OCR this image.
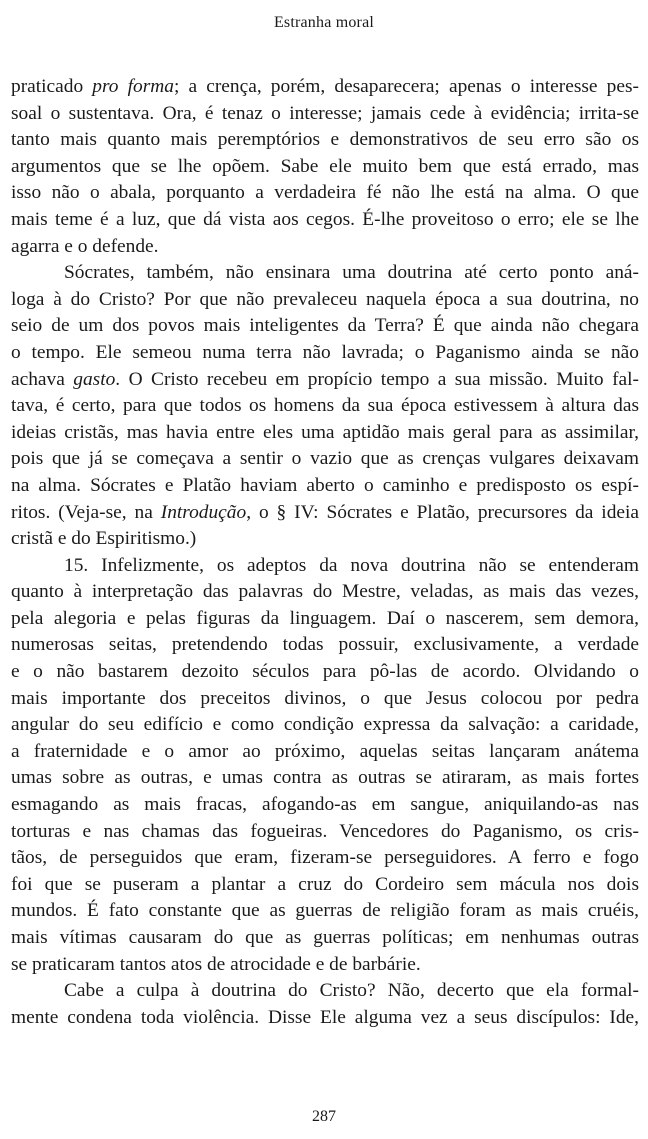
Estranha moral
praticado pro forma; a crença, porém, desaparecera; apenas o interesse pes-
soal o sustentava. Ora, é tenaz o interesse; jamais cede à evidência; irrita-se
tanto mais quanto mais peremptórios e demonstrativos de seu erro são os
argumentos que se lhe opõem. Sabe ele muito bem que está errado, mas
isso não o abala, porquanto a verdadeira fé não lhe está na alma. O que
mais teme é a luz, que dá vista aos cegos. É-lhe proveitoso o erro; ele se lhe
agarra e o defende.
Sócrates, também, não ensinara uma doutrina até certo ponto aná-
loga à do Cristo? Por que não prevaleceu naquela época a sua doutrina, no
seio de um dos povos mais inteligentes da Terra? É que ainda não chegara
o tempo. Ele semeou numa terra não lavrada; o Paganismo ainda se não
achava gasto. O Cristo recebeu em propício tempo a sua missão. Muito fal-
tava, é certo, para que todos os homens da sua época estivessem à altura das
ideias cristãs, mas havia entre eles uma aptidão mais geral para as assimilar,
pois que já se começava a sentir o vazio que as crenças vulgares deixavam
na alma. Sócrates e Platão haviam aberto o caminho e predisposto os espí-
ritos. (Veja-se, na Introdução, o § IV: Sócrates e Platão, precursores da ideia
cristã e do Espiritismo.)
15. Infelizmente, os adeptos da nova doutrina não se entenderam
quanto à interpretação das palavras do Mestre, veladas, as mais das vezes,
pela alegoria e pelas figuras da linguagem. Daí o nascerem, sem demora,
numerosas seitas, pretendendo todas possuir, exclusivamente, a verdade
e o não bastarem dezoito séculos para pô-las de acordo. Olvidando o
mais importante dos preceitos divinos, o que Jesus colocou por pedra
angular do seu edifício e como condição expressa da salvação: a caridade,
a fraternidade e o amor ao próximo, aquelas seitas lançaram anátema
umas sobre as outras, e umas contra as outras se atiraram, as mais fortes
esmagando as mais fracas, afogando-as em sangue, aniquilando-as nas
torturas e nas chamas das fogueiras. Vencedores do Paganismo, os cris-
tãos, de perseguidos que eram, fizeram-se perseguidores. A ferro e fogo
foi que se puseram a plantar a cruz do Cordeiro sem mácula nos dois
mundos. É fato constante que as guerras de religião foram as mais cruéis,
mais vítimas causaram do que as guerras políticas; em nenhumas outras
se praticaram tantos atos de atrocidade e de barbárie.
Cabe a culpa à doutrina do Cristo? Não, decerto que ela formal-
mente condena toda violência. Disse Ele alguma vez a seus discípulos: Ide,
287
